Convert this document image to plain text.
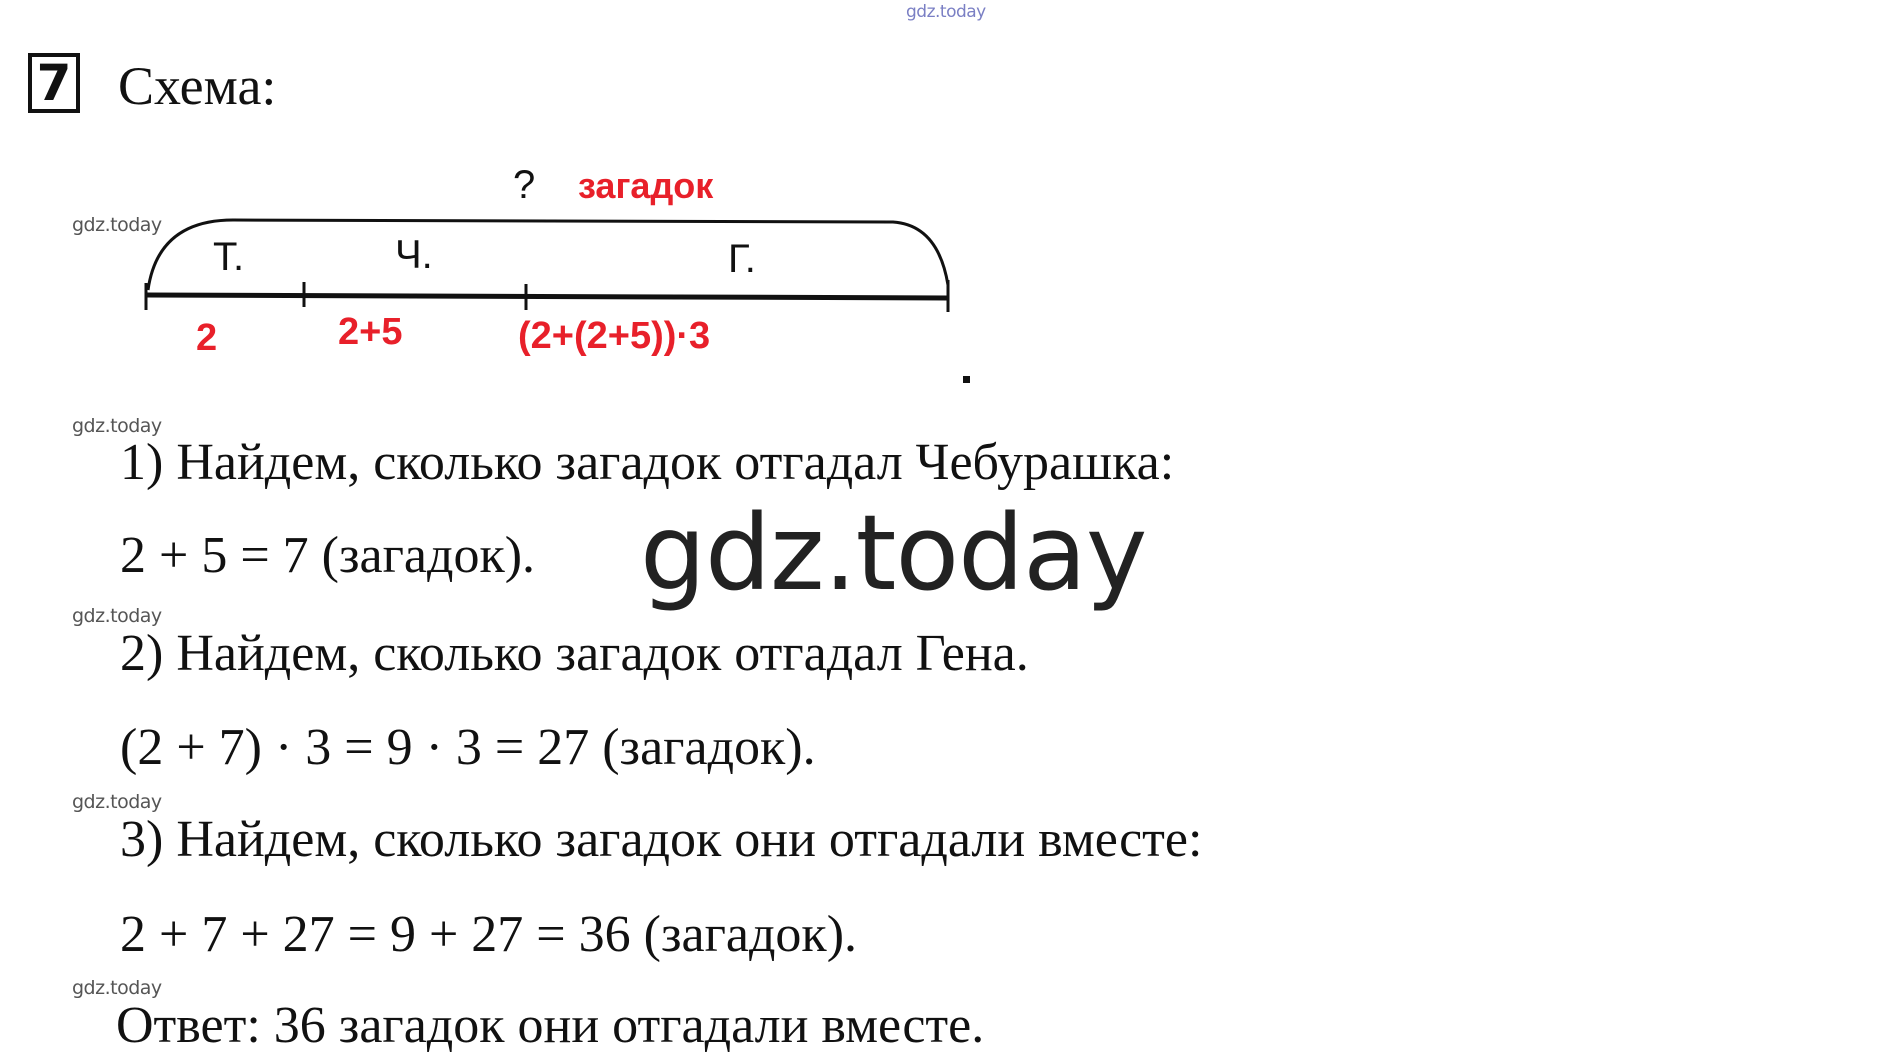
gdz.today
7 Схема:
gdz.today
? загадок
Т.	Ч.	Г.
2	2+5	(2+(2+5))·3
gdz.today
1) Найдем, сколько загадок отгадал Чебурашка:
2 + 5 = 7 (загадок). gdz.today
gdz.today
2) Найдем, сколько загадок отгадал Гена.
(2 + 7) · 3 = 9 · 3 = 27 (загадок).
gdz.today
3) Найдем, сколько загадок они отгадали вместе:
2 + 7 + 27 = 9 + 27 = 36 (загадок).
gdz.today
Ответ: 36 загадок они отгадали вместе.
